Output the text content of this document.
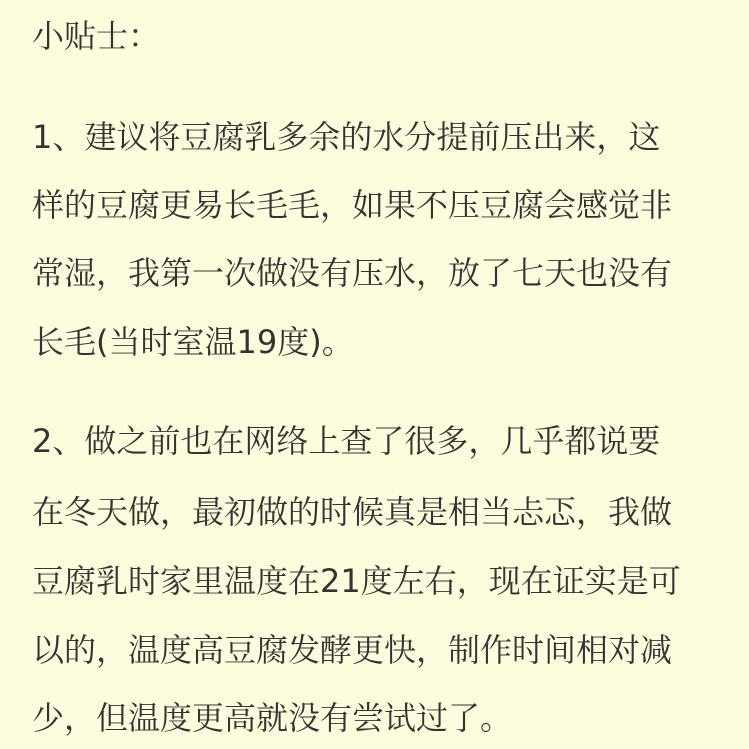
小贴士：
1、建议将豆腐乳多余的水分提前压出来，这
样的豆腐更易长毛毛，如果不压豆腐会感觉非
常湿，我第一次做没有压水，放了七天也没有
长毛(当时室温19度)。
2、做之前也在网络上查了很多，几乎都说要
在冬天做，最初做的时候真是相当忐忑，我做
豆腐乳时家里温度在21度左右，现在证实是可
以的，温度高豆腐发酵更快，制作时间相对减
少，但温度更高就没有尝试过了。
